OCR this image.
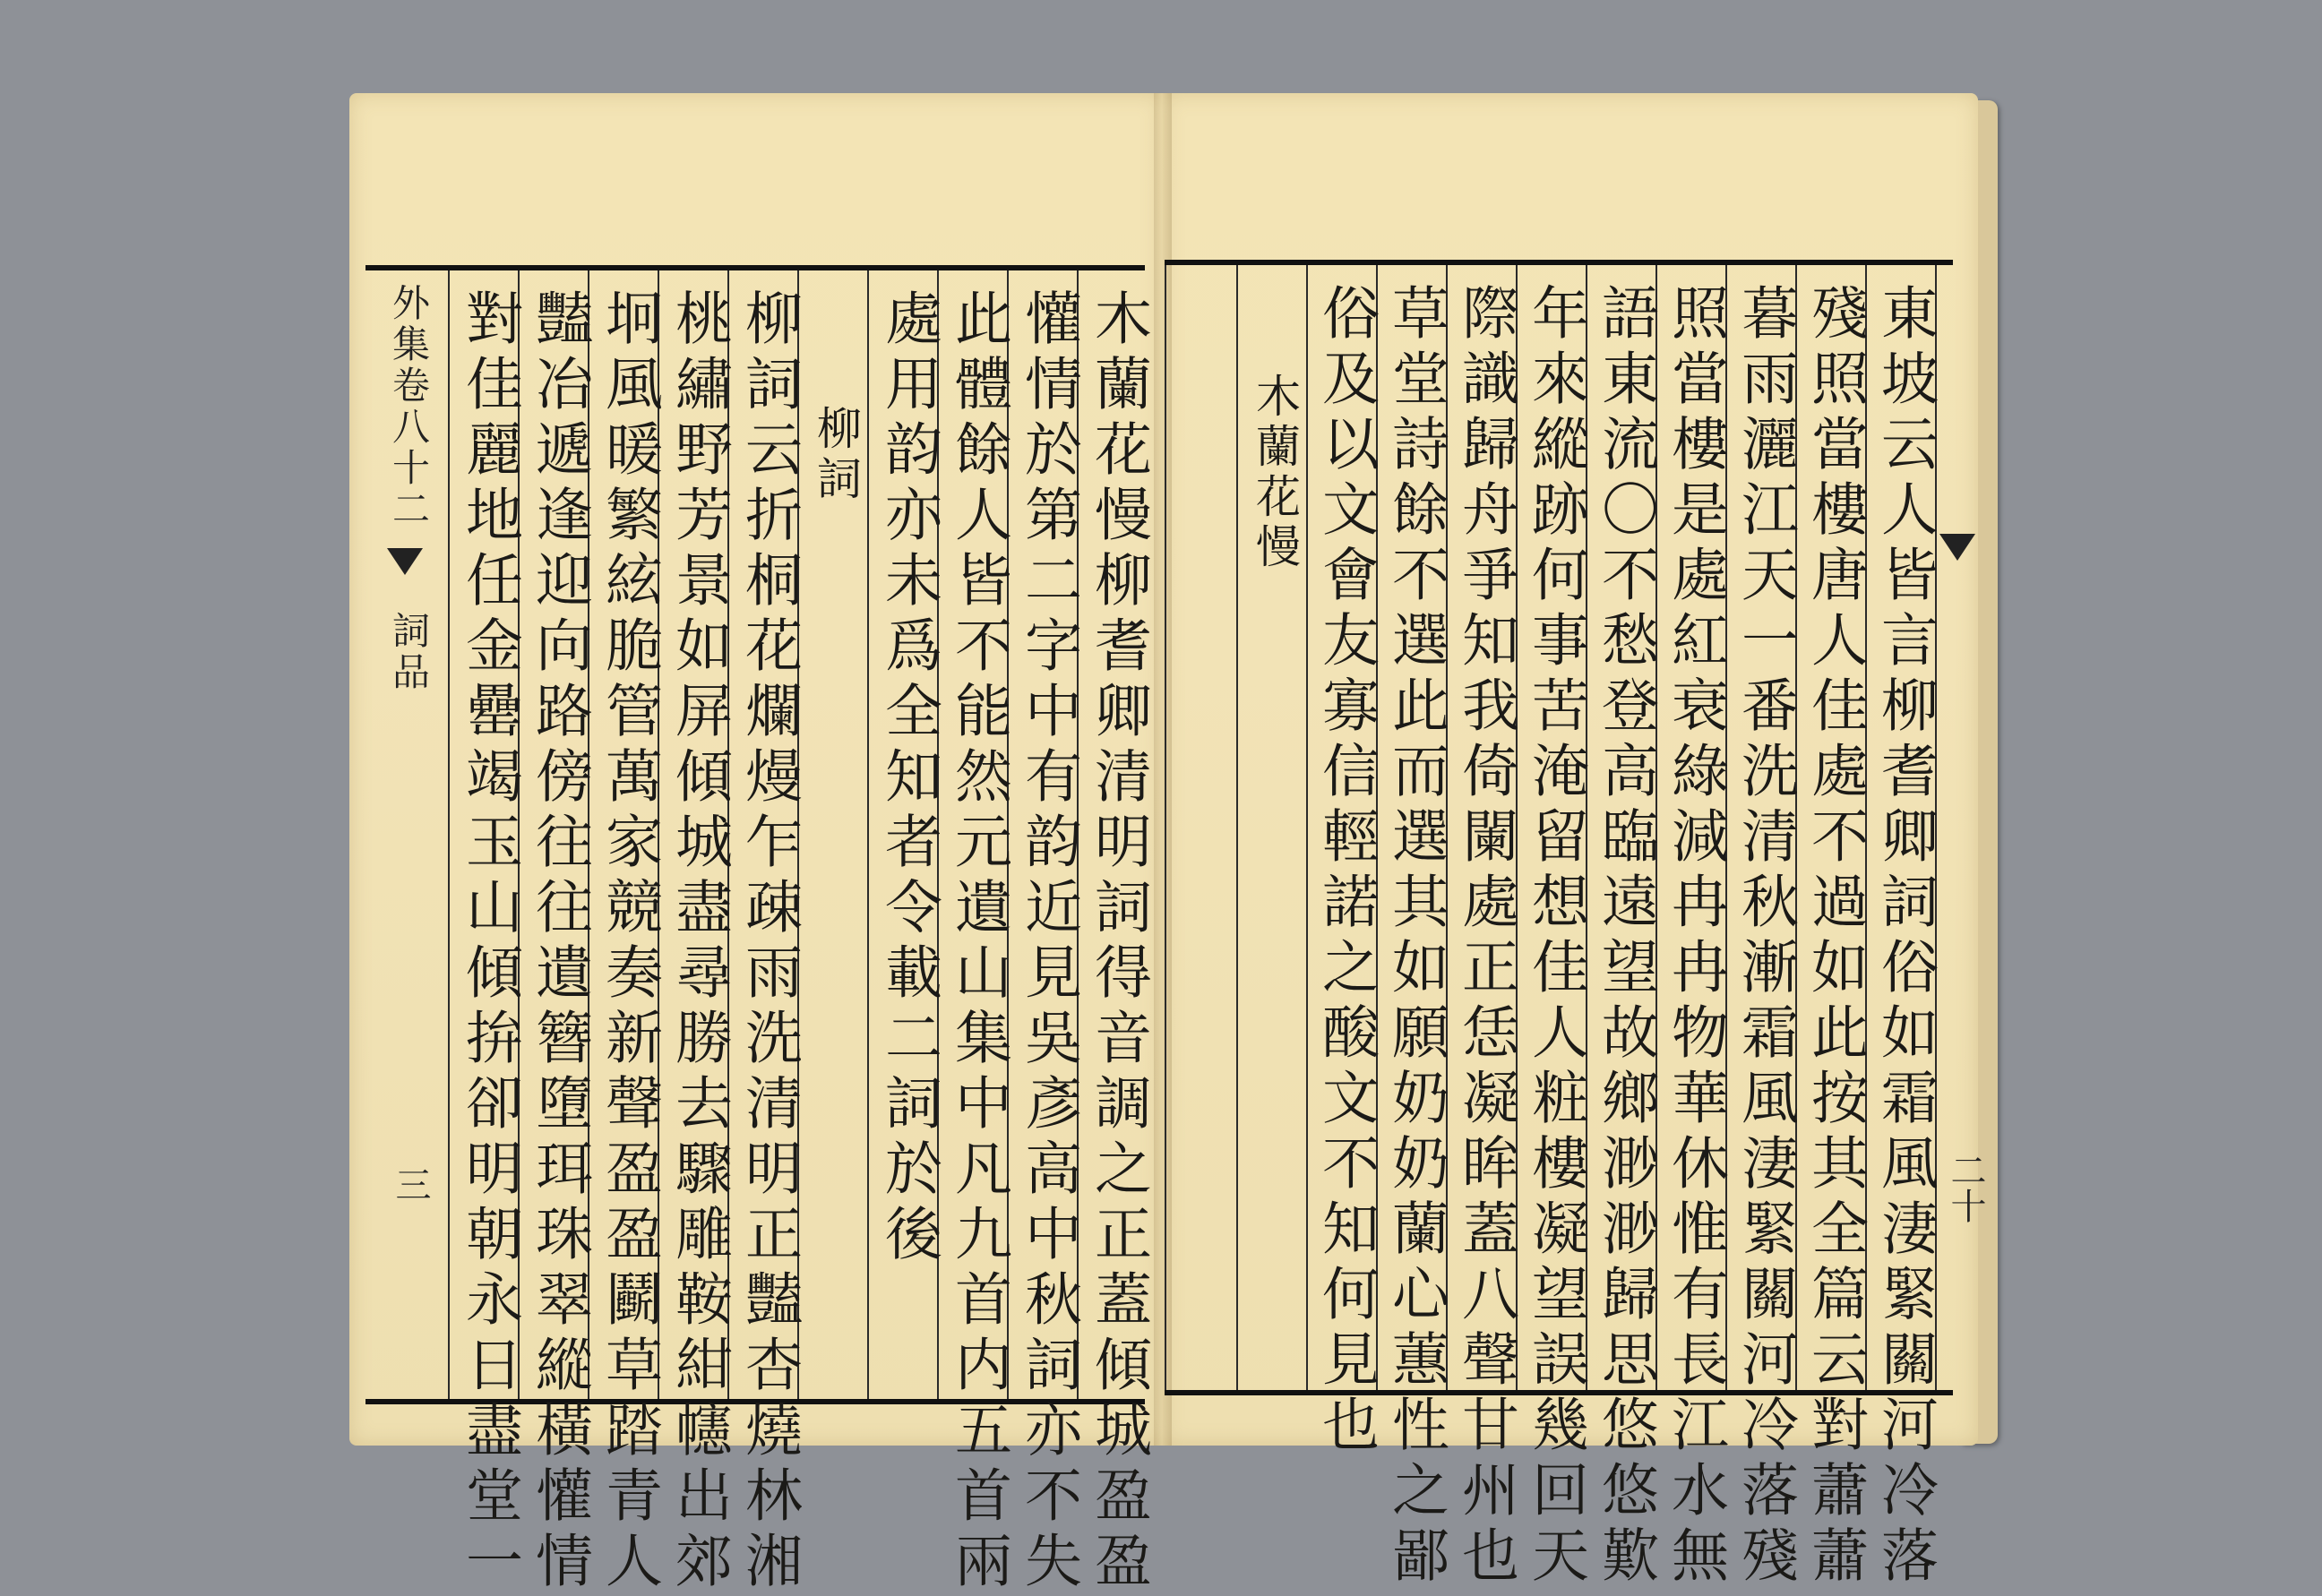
木蘭花慢柳耆卿清明詞得音調之正蓋傾城盈盈
懽情於第二字中有韵近見吳彥高中秋詞亦不失
此體餘人皆不能然元遺山集中凡九首内五首兩
處用韵亦未爲全知者令載二詞於後
柳詞
柳詞云折桐花爛熳乍疎雨洗清明正豔杏燒林湘
桃繡野芳景如屏傾城盡尋勝去驟雕鞍紺幰出郊
坰風暖繁絃脆管萬家競奏新聲盈盈鬬草踏青人
豔冶遞逢迎向路傍往往遺簪墮珥珠翠縱橫懽情
對佳麗地任金罍竭玉山傾拚卻明朝永日盡堂一
外集卷八十二
詞品
三	東坡云人皆言柳耆卿詞俗如霜風淒緊關河冷落
殘照當樓唐人佳處不過如此按其全篇云對蕭蕭
暮雨灑江天一番洗清秋漸霜風淒緊關河冷落殘
照當樓是處紅衰綠減冉冉物華休惟有長江水無
語東流〇不愁登高臨遠望故鄉渺渺歸思悠悠歎
年來縱跡何事苦淹留想佳人粧樓凝望誤幾回天
際識歸舟爭知我倚闌處正恁凝眸蓋八聲甘州也
草堂詩餘不選此而選其如願奶奶蘭心蕙性之鄙
俗及以文會友寡信輕諾之酸文不知何見也
木蘭花慢
二十
